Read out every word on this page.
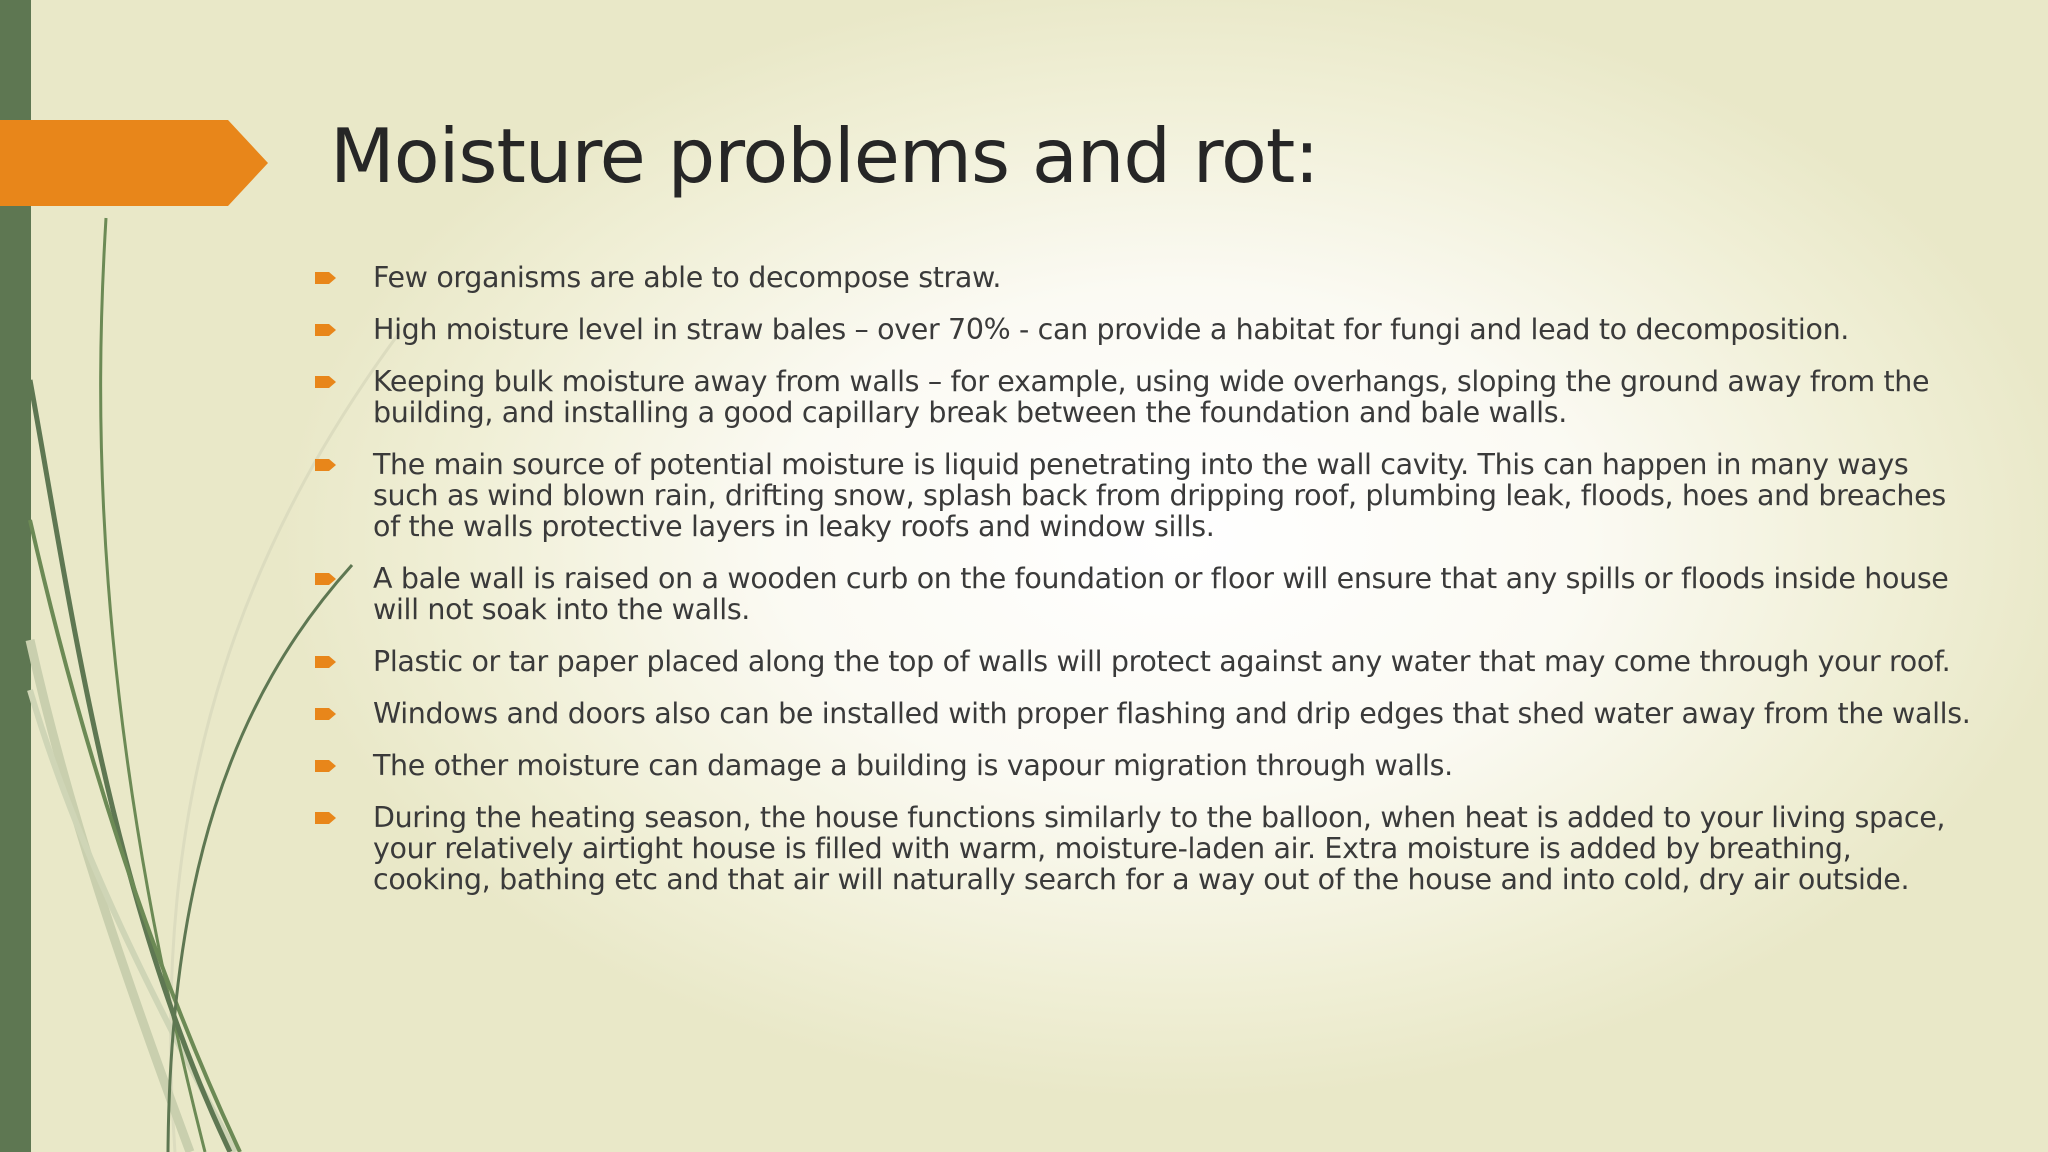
Moisture problems and rot:
Few organisms are able to decompose straw.
High moisture level in straw bales – over 70% - can provide a habitat for fungi and lead to decomposition.
Keeping bulk moisture away from walls – for example, using wide overhangs, sloping the ground away from the building, and installing a good capillary break between the foundation and bale walls.
The main source of potential moisture is liquid penetrating into the wall cavity. This can happen in many ways such as wind blown rain, drifting snow, splash back from dripping roof, plumbing leak, floods, hoes and breaches of the walls protective layers in leaky roofs and window sills.
A bale wall is raised on a wooden curb on the foundation or floor will ensure that any spills or floods inside house will not soak into the walls.
Plastic or tar paper placed along the top of walls will protect against any water that may come through your roof.
Windows and doors also can be installed with proper flashing and drip edges that shed water away from the walls.
The other moisture can damage a building is vapour migration through walls.
During the heating season, the house functions similarly to the balloon, when heat is added to your living space, your relatively airtight house is filled with warm, moisture-laden air. Extra moisture is added by breathing, cooking, bathing etc and that air will naturally search for a way out of the house and into cold, dry air outside.
